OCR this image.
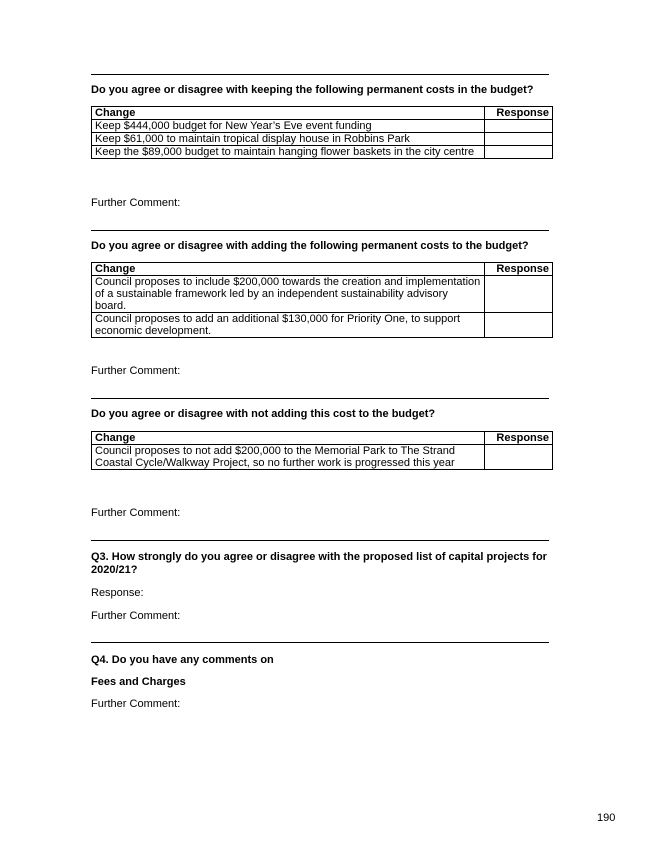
Do you agree or disagree with keeping the following permanent costs in the budget?
Change	Response
Keep $444,000 budget for New Year’s Eve event funding	
Keep $61,000 to maintain tropical display house in Robbins Park	
Keep the $89,000 budget to maintain hanging flower baskets in the city centre	
Further Comment:
Do you agree or disagree with adding the following permanent costs to the budget?
Change	Response
Council proposes to include $200,000 towards the creation and implementation of a sustainable framework led by an independent sustainability advisory board.	
Council proposes to add an additional $130,000 for Priority One, to support economic development.	
Further Comment:
Do you agree or disagree with not adding this cost to the budget?
Change	Response
Council proposes to not add $200,000 to the Memorial Park to The Strand Coastal Cycle/Walkway Project, so no further work is progressed this year	
Further Comment:
Q3. How strongly do you agree or disagree with the proposed list of capital projects for 2020/21?
Response:
Further Comment:
Q4. Do you have any comments on
Fees and Charges
Further Comment:
190
